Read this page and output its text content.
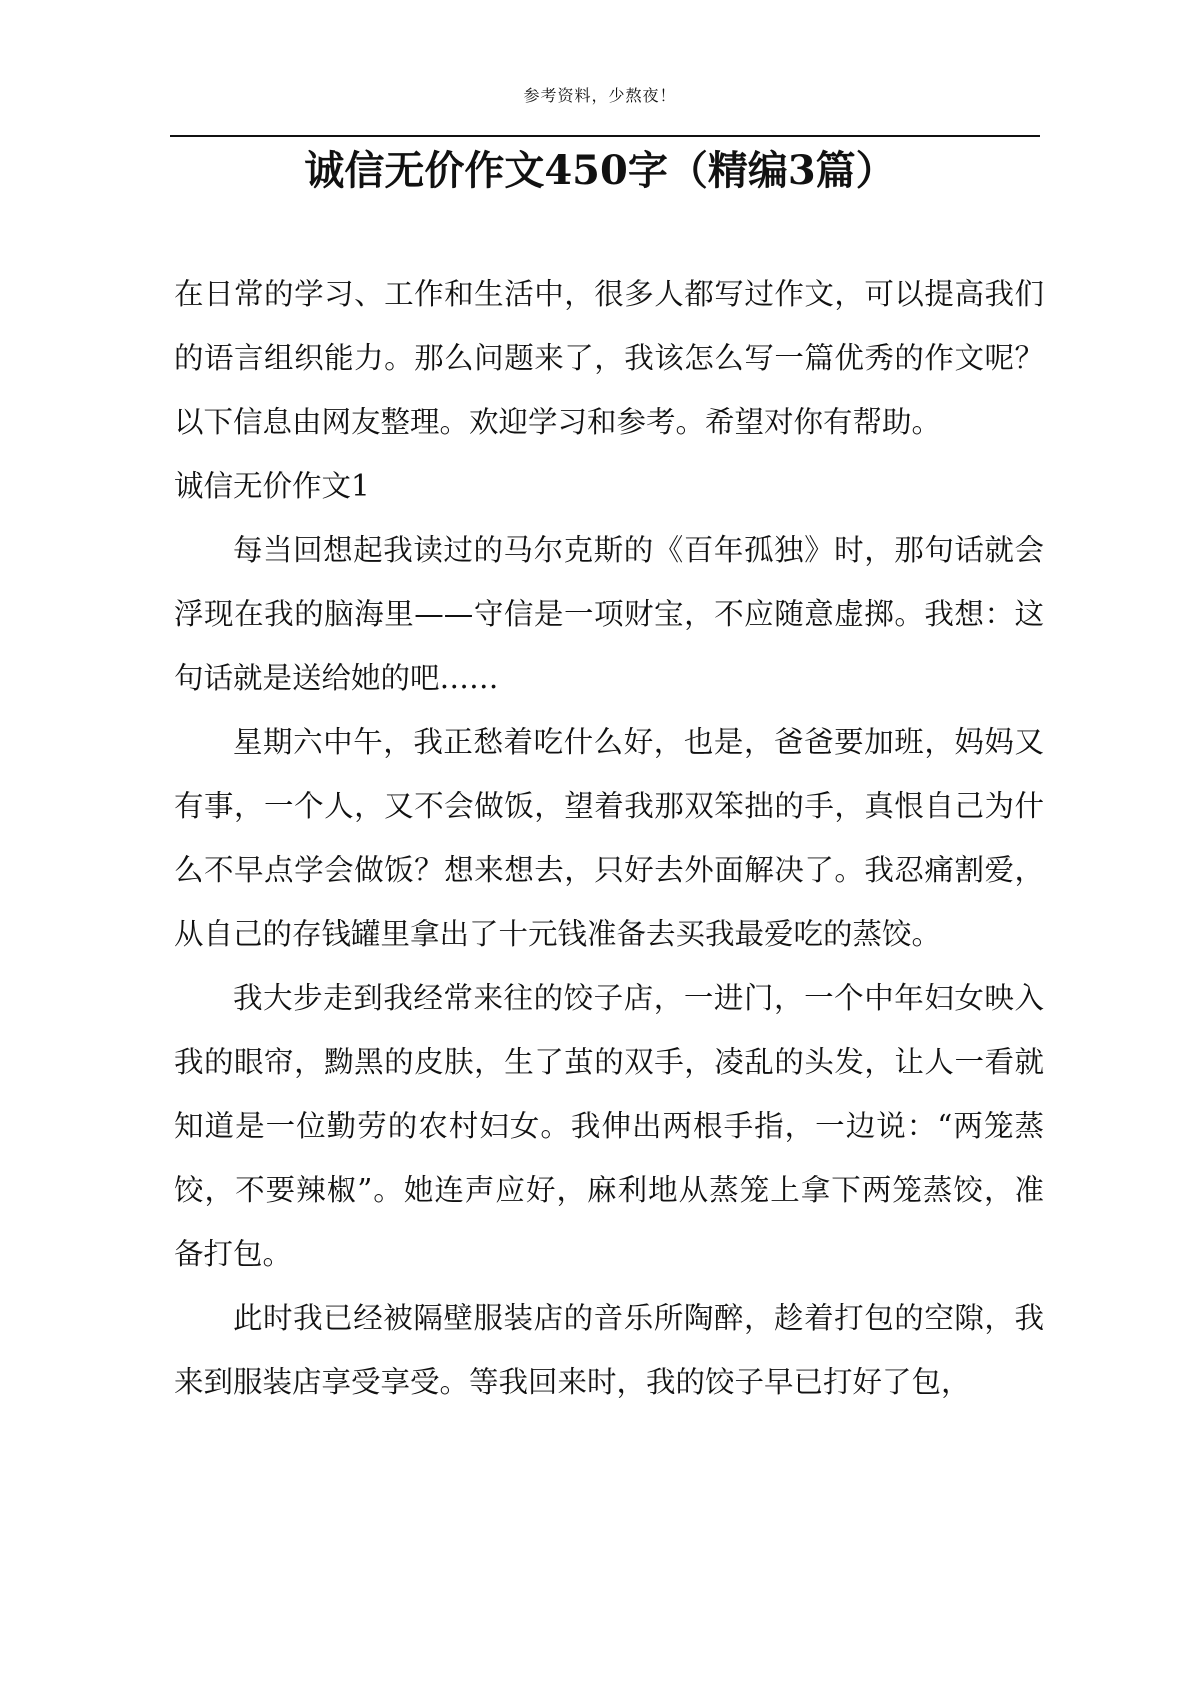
参考资料，少熬夜！
诚信无价作文450字（精编3篇）

在日常的学习、工作和生活中，很多人都写过作文，可以提高我们的语言组织能力。那么问题来了，我该怎么写一篇优秀的作文呢？以下信息由网友整理。欢迎学习和参考。希望对你有帮助。

诚信无价作文1

每当回想起我读过的马尔克斯的《百年孤独》时，那句话就会浮现在我的脑海里——守信是一项财宝，不应随意虚掷。我想：这句话就是送给她的吧……

星期六中午，我正愁着吃什么好，也是，爸爸要加班，妈妈又有事，一个人，又不会做饭，望着我那双笨拙的手，真恨自己为什么不早点学会做饭？想来想去，只好去外面解决了。我忍痛割爱，从自己的存钱罐里拿出了十元钱准备去买我最爱吃的蒸饺。

我大步走到我经常来往的饺子店，一进门，一个中年妇女映入我的眼帘，黝黑的皮肤，生了茧的双手，凌乱的头发，让人一看就知道是一位勤劳的农村妇女。我伸出两根手指，一边说：“两笼蒸饺，不要辣椒”。她连声应好，麻利地从蒸笼上拿下两笼蒸饺，准备打包。

此时我已经被隔壁服装店的音乐所陶醉，趁着打包的空隙，我来到服装店享受享受。等我回来时，我的饺子早已打好了包，
